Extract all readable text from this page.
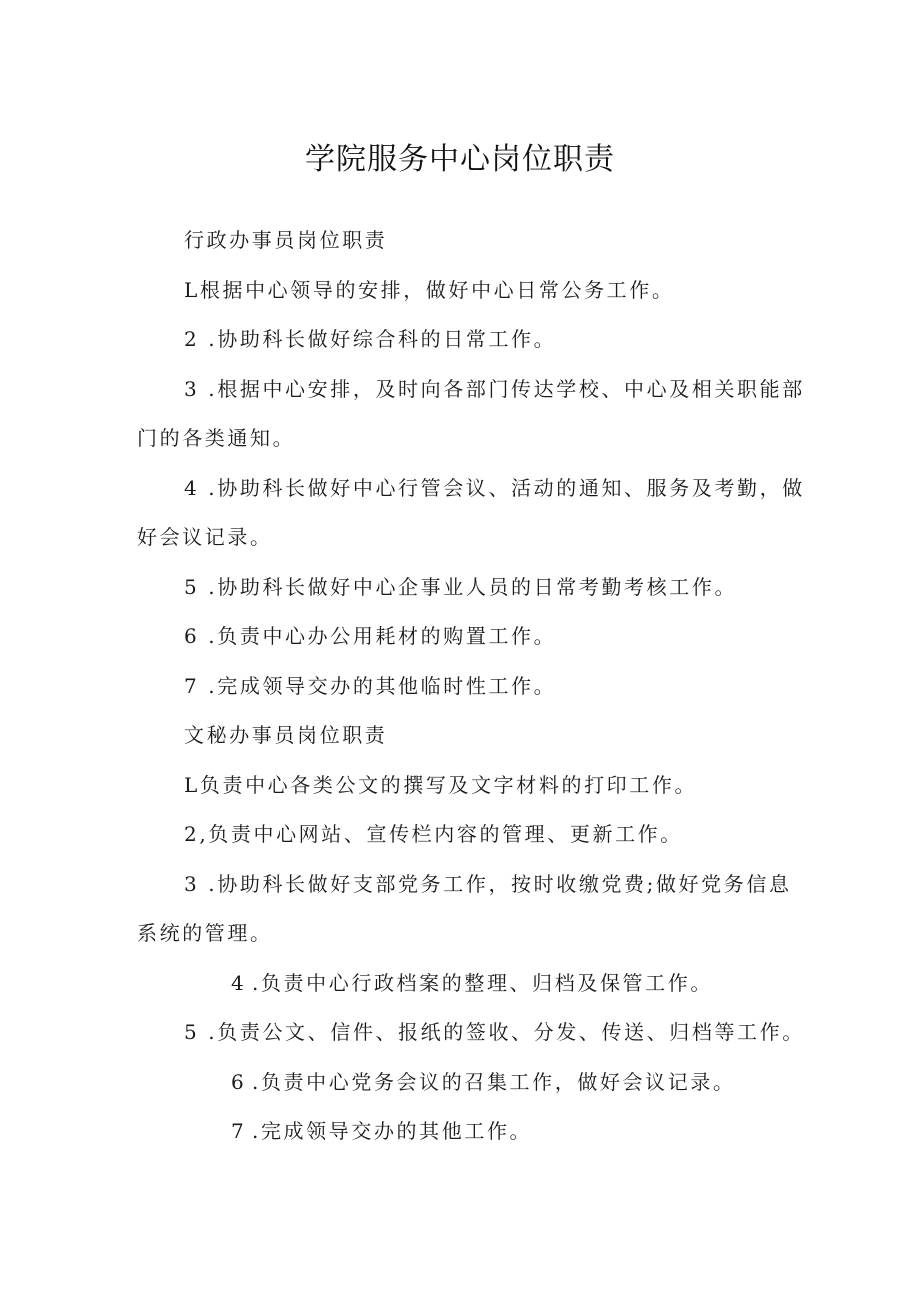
学院服务中心岗位职责

行政办事员岗位职责

L根据中心领导的安排，做好中心日常公务工作。

2 .协助科长做好综合科的日常工作。

3 .根据中心安排，及时向各部门传达学校、中心及相关职能部门的各类通知。

4 .协助科长做好中心行管会议、活动的通知、服务及考勤，做好会议记录。

5 .协助科长做好中心企事业人员的日常考勤考核工作。

6 .负责中心办公用耗材的购置工作。

7 .完成领导交办的其他临时性工作。

文秘办事员岗位职责

L负责中心各类公文的撰写及文字材料的打印工作。

2,负责中心网站、宣传栏内容的管理、更新工作。

3 .协助科长做好支部党务工作，按时收缴党费;做好党务信息系统的管理。

4 .负责中心行政档案的整理、归档及保管工作。

5 .负责公文、信件、报纸的签收、分发、传送、归档等工作。

6 .负责中心党务会议的召集工作，做好会议记录。

7 .完成领导交办的其他工作。
